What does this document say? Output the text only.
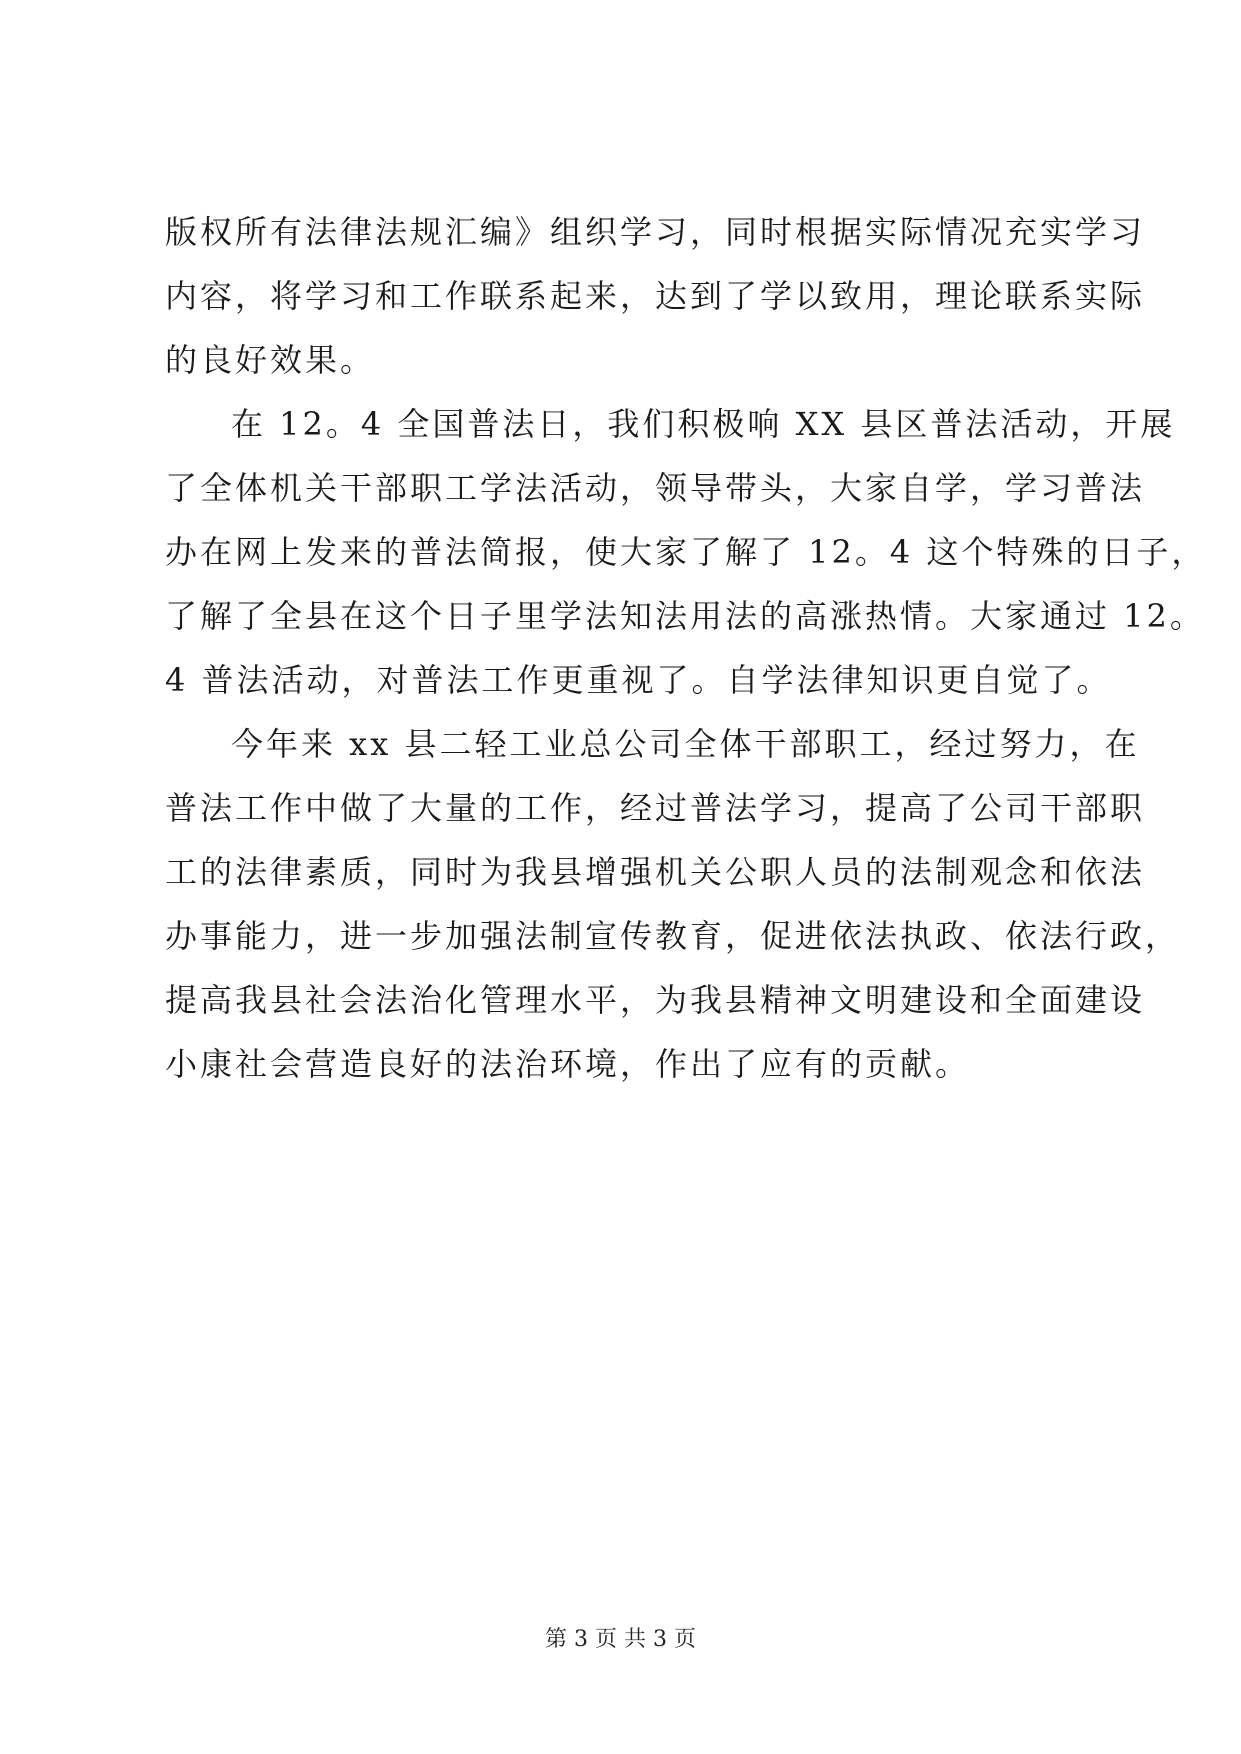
版权所有法律法规汇编》组织学习，同时根据实际情况充实学习
内容，将学习和工作联系起来，达到了学以致用，理论联系实际
的良好效果。
在 12。4 全国普法日，我们积极响 XX 县区普法活动，开展
了全体机关干部职工学法活动，领导带头，大家自学，学习普法
办在网上发来的普法简报，使大家了解了 12。4 这个特殊的日子，
了解了全县在这个日子里学法知法用法的高涨热情。大家通过 12。
4 普法活动，对普法工作更重视了。自学法律知识更自觉了。
今年来 xx 县二轻工业总公司全体干部职工，经过努力，在
普法工作中做了大量的工作，经过普法学习，提高了公司干部职
工的法律素质，同时为我县增强机关公职人员的法制观念和依法
办事能力，进一步加强法制宣传教育，促进依法执政、依法行政，
提高我县社会法治化管理水平，为我县精神文明建设和全面建设
小康社会营造良好的法治环境，作出了应有的贡献。
第 3 页 共 3 页
